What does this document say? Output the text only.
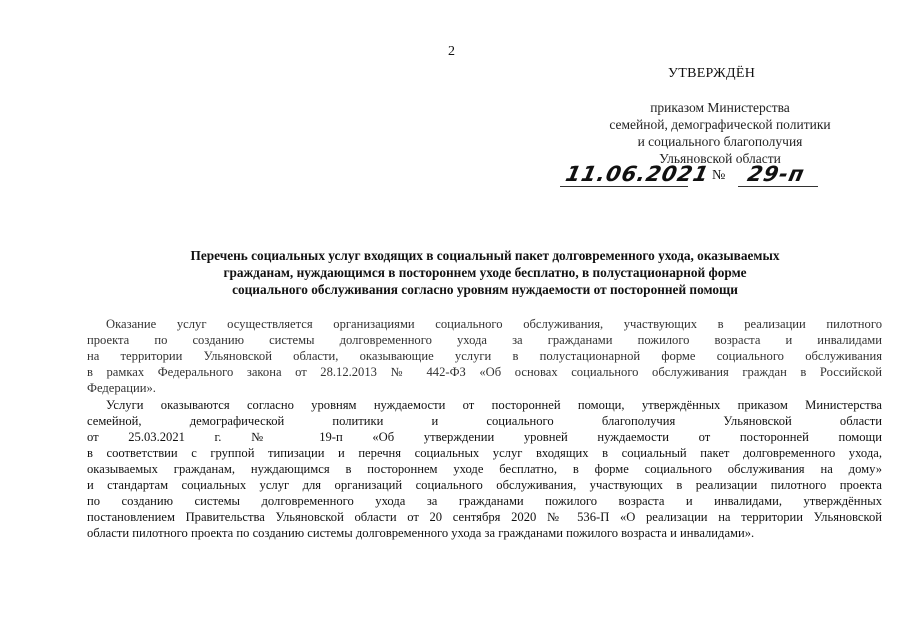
2
УТВЕРЖДЁН
приказом Министерства
семейной, демографической политики
и социального благополучия
Ульяновской области
11.06.2021 № 29-п
Перечень социальных услуг входящих в социальный пакет долговременного ухода, оказываемых
гражданам, нуждающимся в постороннем уходе бесплатно, в полустационарной форме
социального обслуживания согласно уровням нуждаемости от посторонней помощи
Оказание услуг осуществляется организациями социального обслуживания, участвующих в реализации пилотного
проекта по созданию системы долговременного ухода за гражданами пожилого возраста и инвалидами
на территории Ульяновской области, оказывающие услуги в полустационарной форме социального обслуживания
в рамках Федерального закона от 28.12.2013 № 442-ФЗ «Об основах социального обслуживания граждан в Российской
Федерации».
Услуги оказываются согласно уровням нуждаемости от посторонней помощи, утверждённых приказом Министерства
семейной, демографической политики и социального благополучия Ульяновской области
от 25.03.2021 г. № 19-п «Об утверждении уровней нуждаемости от посторонней помощи
в соответствии с группой типизации и перечня социальных услуг входящих в социальный пакет долговременного ухода,
оказываемых гражданам, нуждающимся в постороннем уходе бесплатно, в форме социального обслуживания на дому»
и стандартам социальных услуг для организаций социального обслуживания, участвующих в реализации пилотного проекта
по созданию системы долговременного ухода за гражданами пожилого возраста и инвалидами, утверждённых
постановлением Правительства Ульяновской области от 20 сентября 2020 № 536-П «О реализации на территории Ульяновской
области пилотного проекта по созданию системы долговременного ухода за гражданами пожилого возраста и инвалидами».
